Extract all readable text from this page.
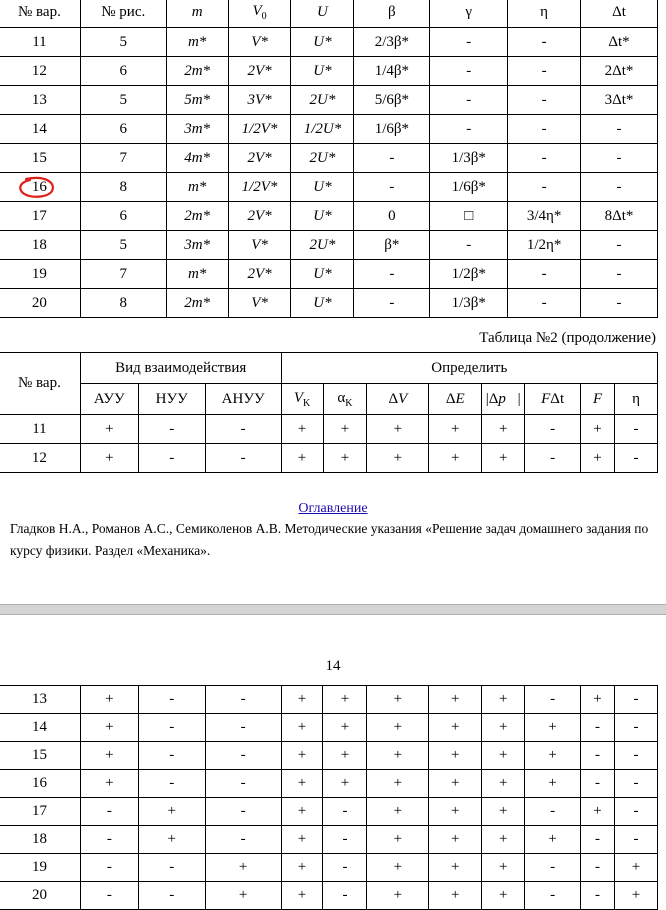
№ вар.	№ рис.	m	$V_0$	U	β	γ	η	Δt
11	5	m*	V*	U*	2/3β*	-	-	Δt*
12	6	2m*	2V*	U*	1/4β*	-	-	2Δt*
13	5	5m*	3V*	2U*	5/6β*	-	-	3Δt*
14	6	3m*	1/2V*	1/2U*	1/6β*	-	-	-
15	7	4m*	2V*	2U*	-	1/3β*	-	-
16	8	m*	1/2V*	U*	-	1/6β*	-	-
17	6	2m*	2V*	U*	0	□	3/4η*	8Δt*
18	5	3m*	V*	2U*	β*	-	1/2η*	-
19	7	m*	2V*	U*	-	1/2β*	-	-
20	8	2m*	V*	U*	-	1/3β*	-	-
Таблица №2 (продолжение)
№ вар.	Вид взаимодействия			Определить							
	АУУ	НУУ	АНУУ	$V_K$	$\alpha_K$	ΔV	ΔE	|Δp⃗|	FΔt	F	η
11	+	-	-	+	+	+	+	+	-	+	-
12	+	-	-	+	+	+	+	+	-	+	-
Оглавление
Гладков Н.А., Романов А.С., Семиколенов А.В. Методические указания «Решение задач домашнего задания по курсу физики. Раздел «Механика».
14
13	+	-	-	+	+	+	+	+	-	+	-
14	+	-	-	+	+	+	+	+	+	-	-
15	+	-	-	+	+	+	+	+	+	-	-
16	+	-	-	+	+	+	+	+	+	-	-
17	-	+	-	+	-	+	+	+	-	+	-
18	-	+	-	+	-	+	+	+	+	-	-
19	-	-	+	+	-	+	+	+	-	-	+
20	-	-	+	+	-	+	+	+	-	-	+
